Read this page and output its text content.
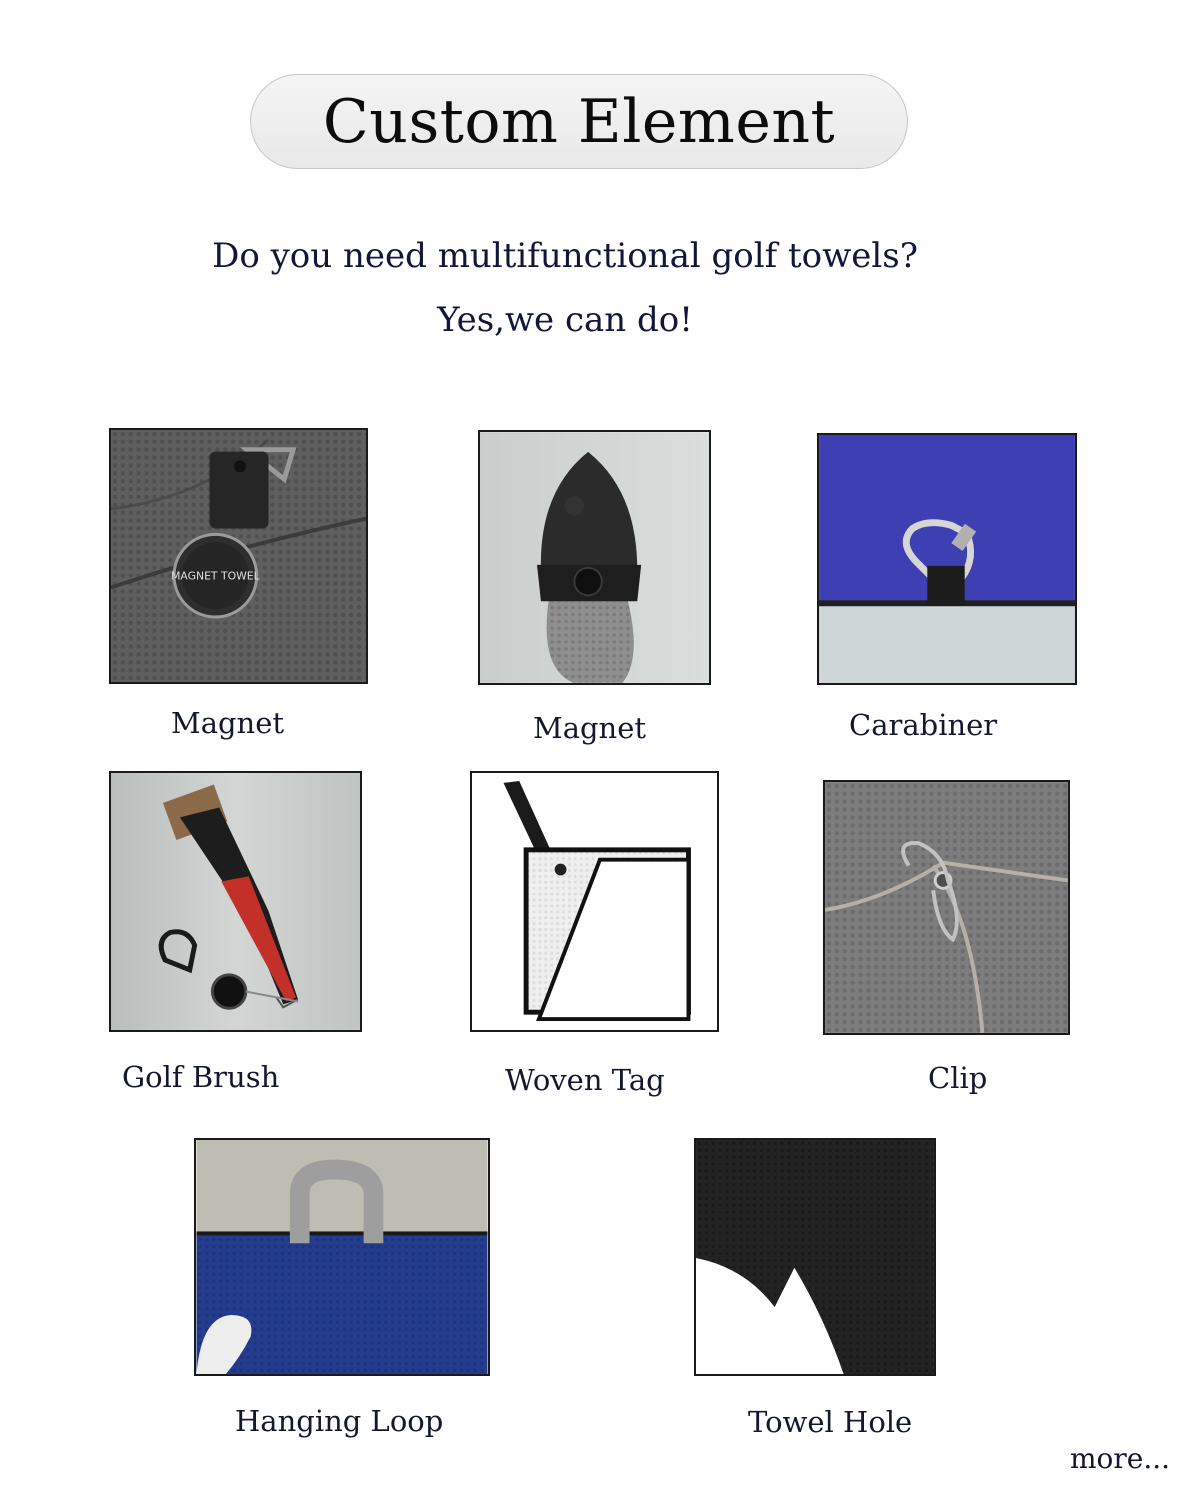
Custom Element
Do you need multifunctional golf towels?
Yes,we can do!
MAGNET TOWEL
Magnet	Magnet	Carabiner
Golf Brush	Woven Tag	Clip
Hanging Loop	Towel Hole
more...
